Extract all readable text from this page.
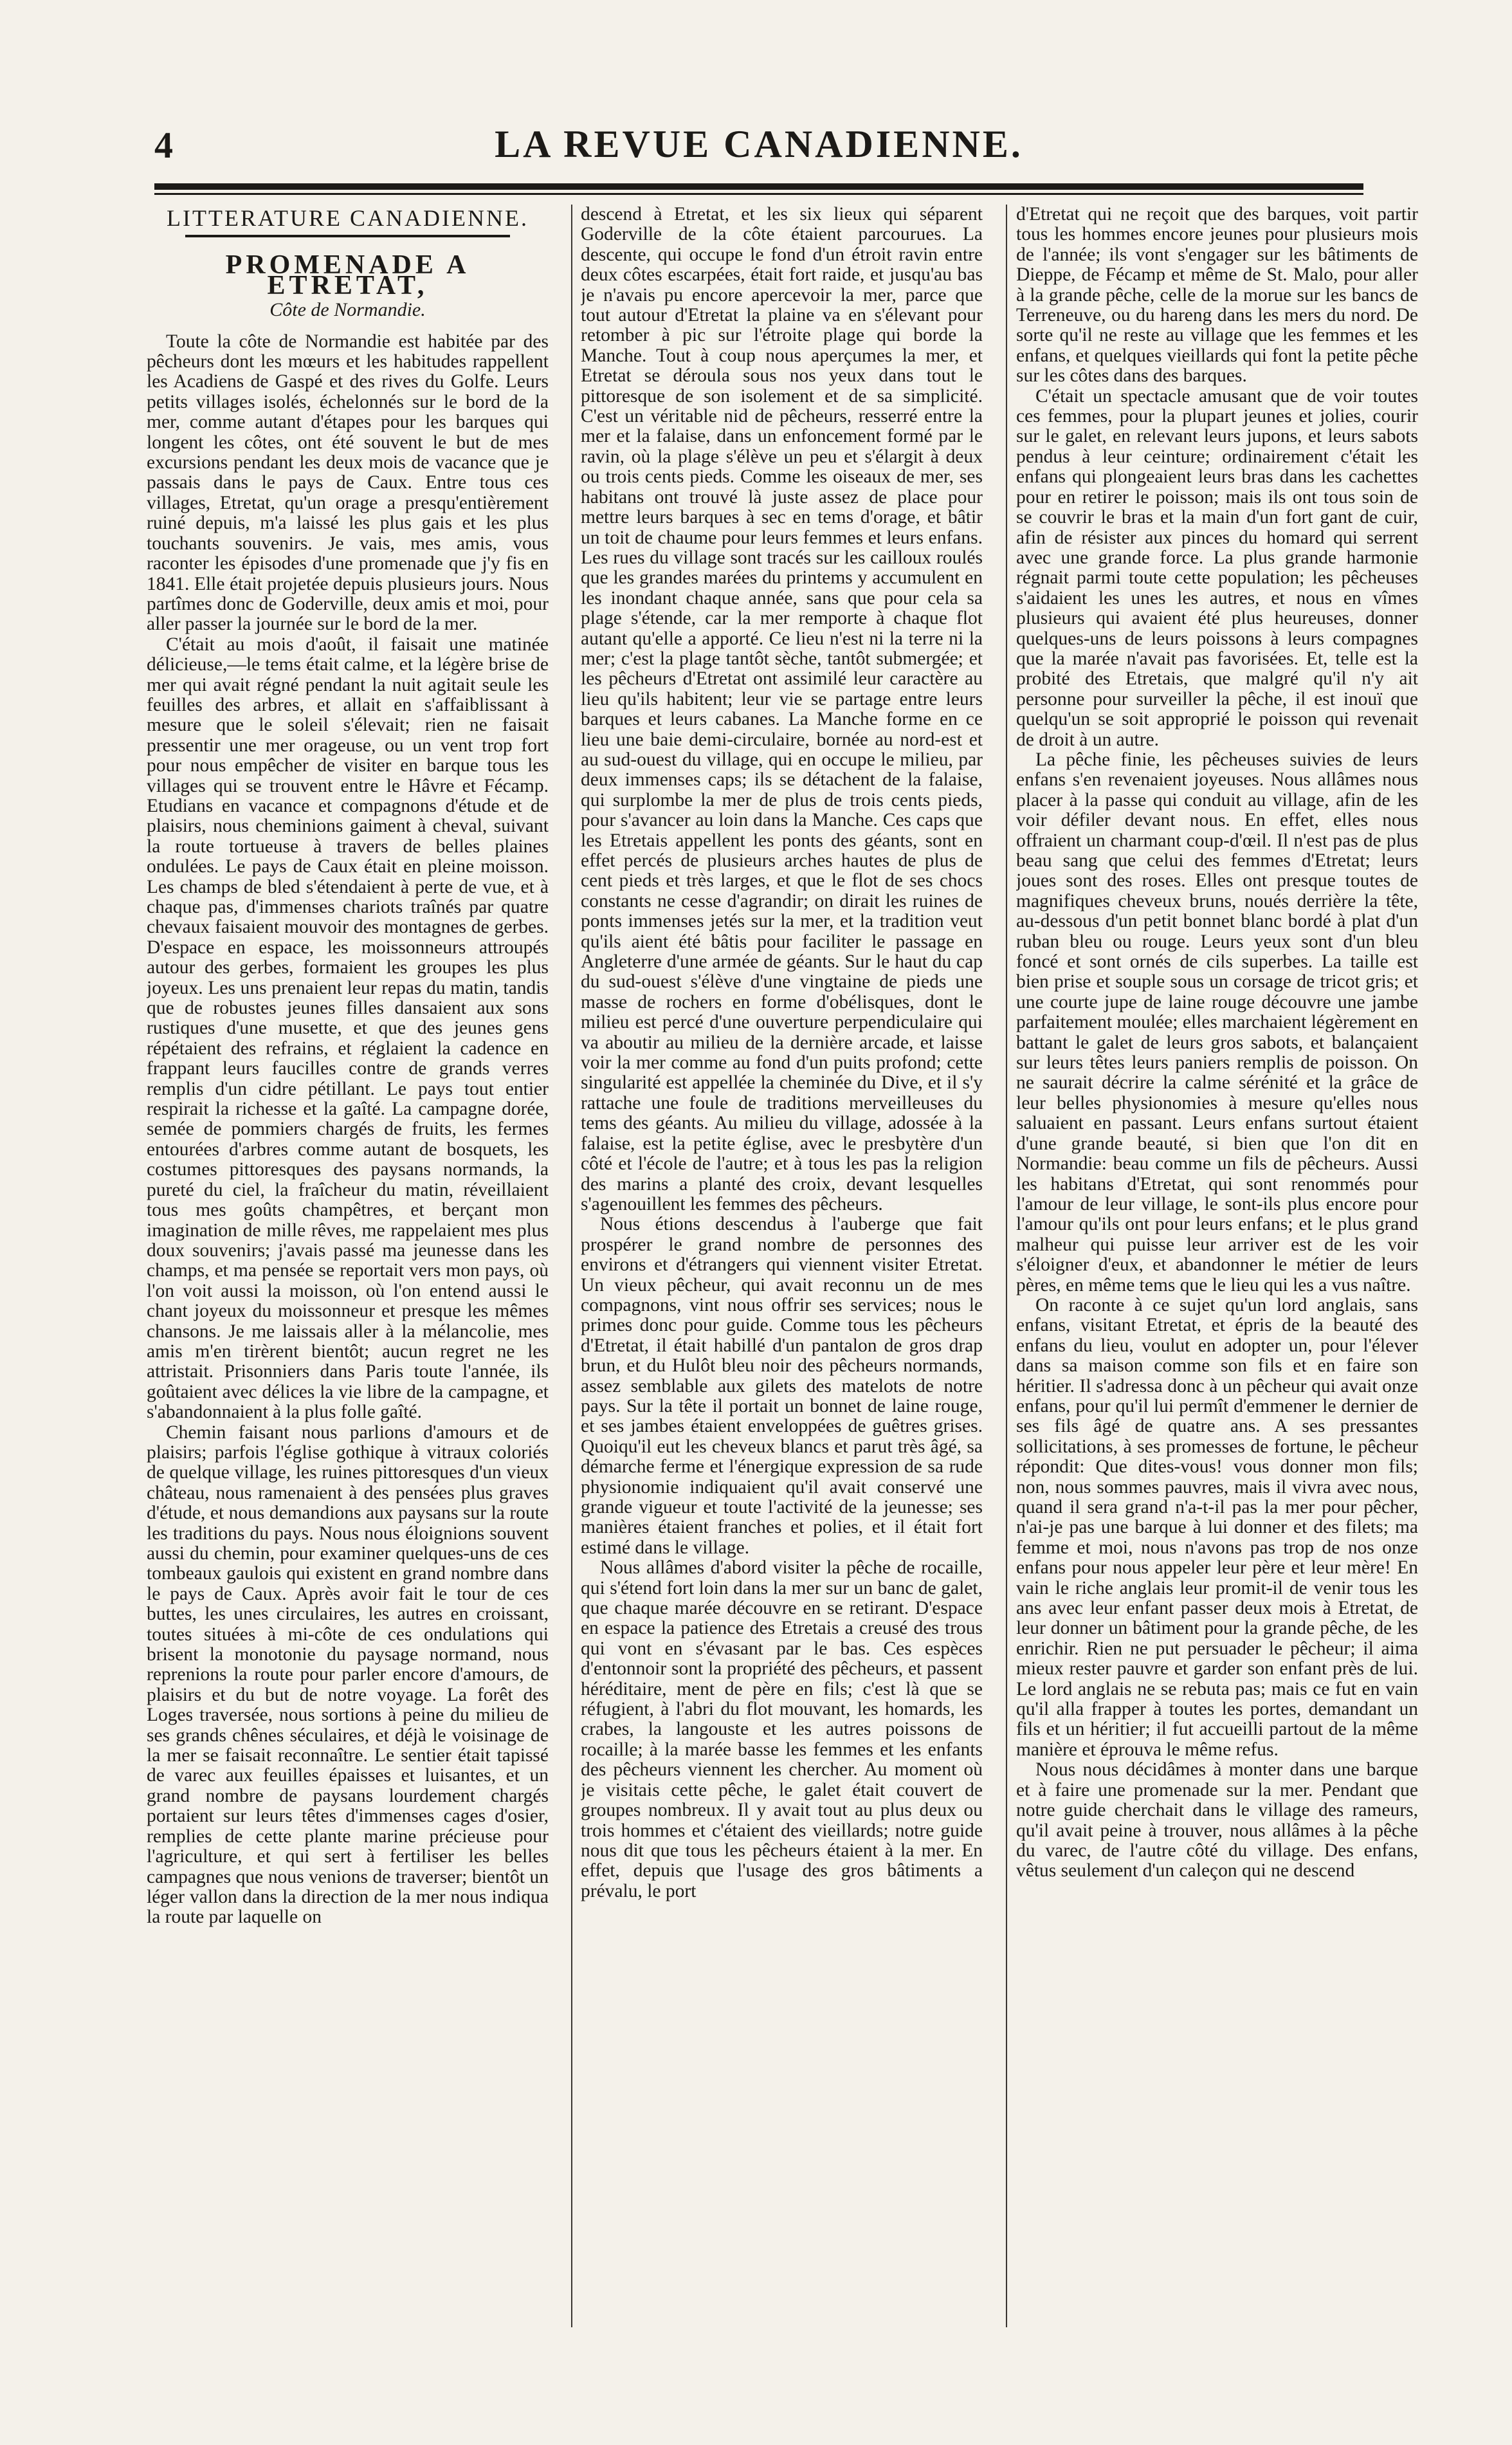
4	LA REVUE CANADIENNE.
LITTERATURE CANADIENNE.
PROMENADE A ETRETAT,
Côte de Normandie.

Toute la côte de Normandie est habitée par des pêcheurs dont les mœurs et les habitudes rappellent les Acadiens de Gaspé et des rives du Golfe. Leurs petits villages isolés, échelonnés sur le bord de la mer, comme autant d'étapes pour les barques qui longent les côtes, ont été souvent le but de mes excursions pendant les deux mois de vacance que je passais dans le pays de Caux. Entre tous ces villages, Etretat, qu'un orage a presqu'entièrement ruiné depuis, m'a laissé les plus gais et les plus touchants souvenirs. Je vais, mes amis, vous raconter les épisodes d'une promenade que j'y fis en 1841. Elle était projetée depuis plusieurs jours. Nous partîmes donc de Goderville, deux amis et moi, pour aller passer la journée sur le bord de la mer.

C'était au mois d'août, il faisait une matinée délicieuse,—le tems était calme, et la légère brise de mer qui avait régné pendant la nuit agitait seule les feuilles des arbres, et allait en s'affaiblissant à mesure que le soleil s'élevait; rien ne faisait pressentir une mer orageuse, ou un vent trop fort pour nous empêcher de visiter en barque tous les villages qui se trouvent entre le Hâvre et Fécamp. Etudians en vacance et compagnons d'étude et de plaisirs, nous cheminions gaiment à cheval, suivant la route tortueuse à travers de belles plaines ondulées. Le pays de Caux était en pleine moisson. Les champs de bled s'étendaient à perte de vue, et à chaque pas, d'immenses chariots traînés par quatre chevaux faisaient mouvoir des montagnes de gerbes. D'espace en espace, les moissonneurs attroupés autour des gerbes, formaient les groupes les plus joyeux. Les uns prenaient leur repas du matin, tandis que de robustes jeunes filles dansaient aux sons rustiques d'une musette, et que des jeunes gens répétaient des refrains, et réglaient la cadence en frappant leurs faucilles contre de grands verres remplis d'un cidre pétillant. Le pays tout entier respirait la richesse et la gaîté. La campagne dorée, semée de pommiers chargés de fruits, les fermes entourées d'arbres comme autant de bosquets, les costumes pittoresques des paysans normands, la pureté du ciel, la fraîcheur du matin, réveillaient tous mes goûts champêtres, et berçant mon imagination de mille rêves, me rappelaient mes plus doux souvenirs; j'avais passé ma jeunesse dans les champs, et ma pensée se reportait vers mon pays, où l'on voit aussi la moisson, où l'on entend aussi le chant joyeux du moissonneur et presque les mêmes chansons. Je me laissais aller à la mélancolie, mes amis m'en tirèrent bientôt; aucun regret ne les attristait. Prisonniers dans Paris toute l'année, ils goûtaient avec délices la vie libre de la campagne, et s'abandonnaient à la plus folle gaîté.

Chemin faisant nous parlions d'amours et de plaisirs; parfois l'église gothique à vitraux coloriés de quelque village, les ruines pittoresques d'un vieux château, nous ramenaient à des pensées plus graves d'étude, et nous demandions aux paysans sur la route les traditions du pays. Nous nous éloignions souvent aussi du chemin, pour examiner quelques-uns de ces tombeaux gaulois qui existent en grand nombre dans le pays de Caux. Après avoir fait le tour de ces buttes, les unes circulaires, les autres en croissant, toutes situées à mi-côte de ces ondulations qui brisent la monotonie du paysage normand, nous reprenions la route pour parler encore d'amours, de plaisirs et du but de notre voyage. La forêt des Loges traversée, nous sortions à peine du milieu de ses grands chênes séculaires, et déjà le voisinage de la mer se faisait reconnaître. Le sentier était tapissé de varec aux feuilles épaisses et luisantes, et un grand nombre de paysans lourdement chargés portaient sur leurs têtes d'immenses cages d'osier, remplies de cette plante marine précieuse pour l'agriculture, et qui sert à fertiliser les belles campagnes que nous venions de traverser; bientôt un léger vallon dans la direction de la mer nous indiqua la route par laquelle on

descend à Etretat, et les six lieux qui séparent Goderville de la côte étaient parcourues. La descente, qui occupe le fond d'un étroit ravin entre deux côtes escarpées, était fort raide, et jusqu'au bas je n'avais pu encore apercevoir la mer, parce que tout autour d'Etretat la plaine va en s'élevant pour retomber à pic sur l'étroite plage qui borde la Manche. Tout à coup nous aperçumes la mer, et Etretat se déroula sous nos yeux dans tout le pittoresque de son isolement et de sa simplicité. C'est un véritable nid de pêcheurs, resserré entre la mer et la falaise, dans un enfoncement formé par le ravin, où la plage s'élève un peu et s'élargit à deux ou trois cents pieds. Comme les oiseaux de mer, ses habitans ont trouvé là juste assez de place pour mettre leurs barques à sec en tems d'orage, et bâtir un toit de chaume pour leurs femmes et leurs enfans. Les rues du village sont tracés sur les cailloux roulés que les grandes marées du printems y accumulent en les inondant chaque année, sans que pour cela sa plage s'étende, car la mer remporte à chaque flot autant qu'elle a apporté. Ce lieu n'est ni la terre ni la mer; c'est la plage tantôt sèche, tantôt submergée; et les pêcheurs d'Etretat ont assimilé leur caractère au lieu qu'ils habitent; leur vie se partage entre leurs barques et leurs cabanes. La Manche forme en ce lieu une baie demi-circulaire, bornée au nord-est et au sud-ouest du village, qui en occupe le milieu, par deux immenses caps; ils se détachent de la falaise, qui surplombe la mer de plus de trois cents pieds, pour s'avancer au loin dans la Manche. Ces caps que les Etretais appellent les ponts des géants, sont en effet percés de plusieurs arches hautes de plus de cent pieds et très larges, et que le flot de ses chocs constants ne cesse d'agrandir; on dirait les ruines de ponts immenses jetés sur la mer, et la tradition veut qu'ils aient été bâtis pour faciliter le passage en Angleterre d'une armée de géants. Sur le haut du cap du sud-ouest s'élève d'une vingtaine de pieds une masse de rochers en forme d'obélisques, dont le milieu est percé d'une ouverture perpendiculaire qui va aboutir au milieu de la dernière arcade, et laisse voir la mer comme au fond d'un puits profond; cette singularité est appellée la cheminée du Dive, et il s'y rattache une foule de traditions merveilleuses du tems des géants. Au milieu du village, adossée à la falaise, est la petite église, avec le presbytère d'un côté et l'école de l'autre; et à tous les pas la religion des marins a planté des croix, devant lesquelles s'agenouillent les femmes des pêcheurs.

Nous étions descendus à l'auberge que fait prospérer le grand nombre de personnes des environs et d'étrangers qui viennent visiter Etretat. Un vieux pêcheur, qui avait reconnu un de mes compagnons, vint nous offrir ses services; nous le primes donc pour guide. Comme tous les pêcheurs d'Etretat, il était habillé d'un pantalon de gros drap brun, et du Hulôt bleu noir des pêcheurs normands, assez semblable aux gilets des matelots de notre pays. Sur la tête il portait un bonnet de laine rouge, et ses jambes étaient enveloppées de guêtres grises. Quoiqu'il eut les cheveux blancs et parut très âgé, sa démarche ferme et l'énergique expression de sa rude physionomie indiquaient qu'il avait conservé une grande vigueur et toute l'activité de la jeunesse; ses manières étaient franches et polies, et il était fort estimé dans le village.

Nous allâmes d'abord visiter la pêche de rocaille, qui s'étend fort loin dans la mer sur un banc de galet, que chaque marée découvre en se retirant. D'espace en espace la patience des Etretais a creusé des trous qui vont en s'évasant par le bas. Ces espèces d'entonnoir sont la propriété des pêcheurs, et passent héréditaire, ment de père en fils; c'est là que se réfugient, à l'abri du flot mouvant, les homards, les crabes, la langouste et les autres poissons de rocaille; à la marée basse les femmes et les enfants des pêcheurs viennent les chercher. Au moment où je visitais cette pêche, le galet était couvert de groupes nombreux. Il y avait tout au plus deux ou trois hommes et c'étaient des vieillards; notre guide nous dit que tous les pêcheurs étaient à la mer. En effet, depuis que l'usage des gros bâtiments a prévalu, le port

d'Etretat qui ne reçoit que des barques, voit partir tous les hommes encore jeunes pour plusieurs mois de l'année; ils vont s'engager sur les bâtiments de Dieppe, de Fécamp et même de St. Malo, pour aller à la grande pêche, celle de la morue sur les bancs de Terreneuve, ou du hareng dans les mers du nord. De sorte qu'il ne reste au village que les femmes et les enfans, et quelques vieillards qui font la petite pêche sur les côtes dans des barques.

C'était un spectacle amusant que de voir toutes ces femmes, pour la plupart jeunes et jolies, courir sur le galet, en relevant leurs jupons, et leurs sabots pendus à leur ceinture; ordinairement c'était les enfans qui plongeaient leurs bras dans les cachettes pour en retirer le poisson; mais ils ont tous soin de se couvrir le bras et la main d'un fort gant de cuir, afin de résister aux pinces du homard qui serrent avec une grande force. La plus grande harmonie régnait parmi toute cette population; les pêcheuses s'aidaient les unes les autres, et nous en vîmes plusieurs qui avaient été plus heureuses, donner quelques-uns de leurs poissons à leurs compagnes que la marée n'avait pas favorisées. Et, telle est la probité des Etretais, que malgré qu'il n'y ait personne pour surveiller la pêche, il est inouï que quelqu'un se soit approprié le poisson qui revenait de droit à un autre.

La pêche finie, les pêcheuses suivies de leurs enfans s'en revenaient joyeuses. Nous allâmes nous placer à la passe qui conduit au village, afin de les voir défiler devant nous. En effet, elles nous offraient un charmant coup-d'œil. Il n'est pas de plus beau sang que celui des femmes d'Etretat; leurs joues sont des roses. Elles ont presque toutes de magnifiques cheveux bruns, noués derrière la tête, au-dessous d'un petit bonnet blanc bordé à plat d'un ruban bleu ou rouge. Leurs yeux sont d'un bleu foncé et sont ornés de cils superbes. La taille est bien prise et souple sous un corsage de tricot gris; et une courte jupe de laine rouge découvre une jambe parfaitement moulée; elles marchaient légèrement en battant le galet de leurs gros sabots, et balançaient sur leurs têtes leurs paniers remplis de poisson. On ne saurait décrire la calme sérénité et la grâce de leur belles physionomies à mesure qu'elles nous saluaient en passant. Leurs enfans surtout étaient d'une grande beauté, si bien que l'on dit en Normandie: beau comme un fils de pêcheurs. Aussi les habitans d'Etretat, qui sont renommés pour l'amour de leur village, le sont-ils plus encore pour l'amour qu'ils ont pour leurs enfans; et le plus grand malheur qui puisse leur arriver est de les voir s'éloigner d'eux, et abandonner le métier de leurs pères, en même tems que le lieu qui les a vus naître.

On raconte à ce sujet qu'un lord anglais, sans enfans, visitant Etretat, et épris de la beauté des enfans du lieu, voulut en adopter un, pour l'élever dans sa maison comme son fils et en faire son héritier. Il s'adressa donc à un pêcheur qui avait onze enfans, pour qu'il lui permît d'emmener le dernier de ses fils âgé de quatre ans. A ses pressantes sollicitations, à ses promesses de fortune, le pêcheur répondit: Que dites-vous! vous donner mon fils; non, nous sommes pauvres, mais il vivra avec nous, quand il sera grand n'a-t-il pas la mer pour pêcher, n'ai-je pas une barque à lui donner et des filets; ma femme et moi, nous n'avons pas trop de nos onze enfans pour nous appeler leur père et leur mère! En vain le riche anglais leur promit-il de venir tous les ans avec leur enfant passer deux mois à Etretat, de leur donner un bâtiment pour la grande pêche, de les enrichir. Rien ne put persuader le pêcheur; il aima mieux rester pauvre et garder son enfant près de lui. Le lord anglais ne se rebuta pas; mais ce fut en vain qu'il alla frapper à toutes les portes, demandant un fils et un héritier; il fut accueilli partout de la même manière et éprouva le même refus.

Nous nous décidâmes à monter dans une barque et à faire une promenade sur la mer. Pendant que notre guide cherchait dans le village des rameurs, qu'il avait peine à trouver, nous allâmes à la pêche du varec, de l'autre côté du village. Des enfans, vêtus seulement d'un caleçon qui ne descend
